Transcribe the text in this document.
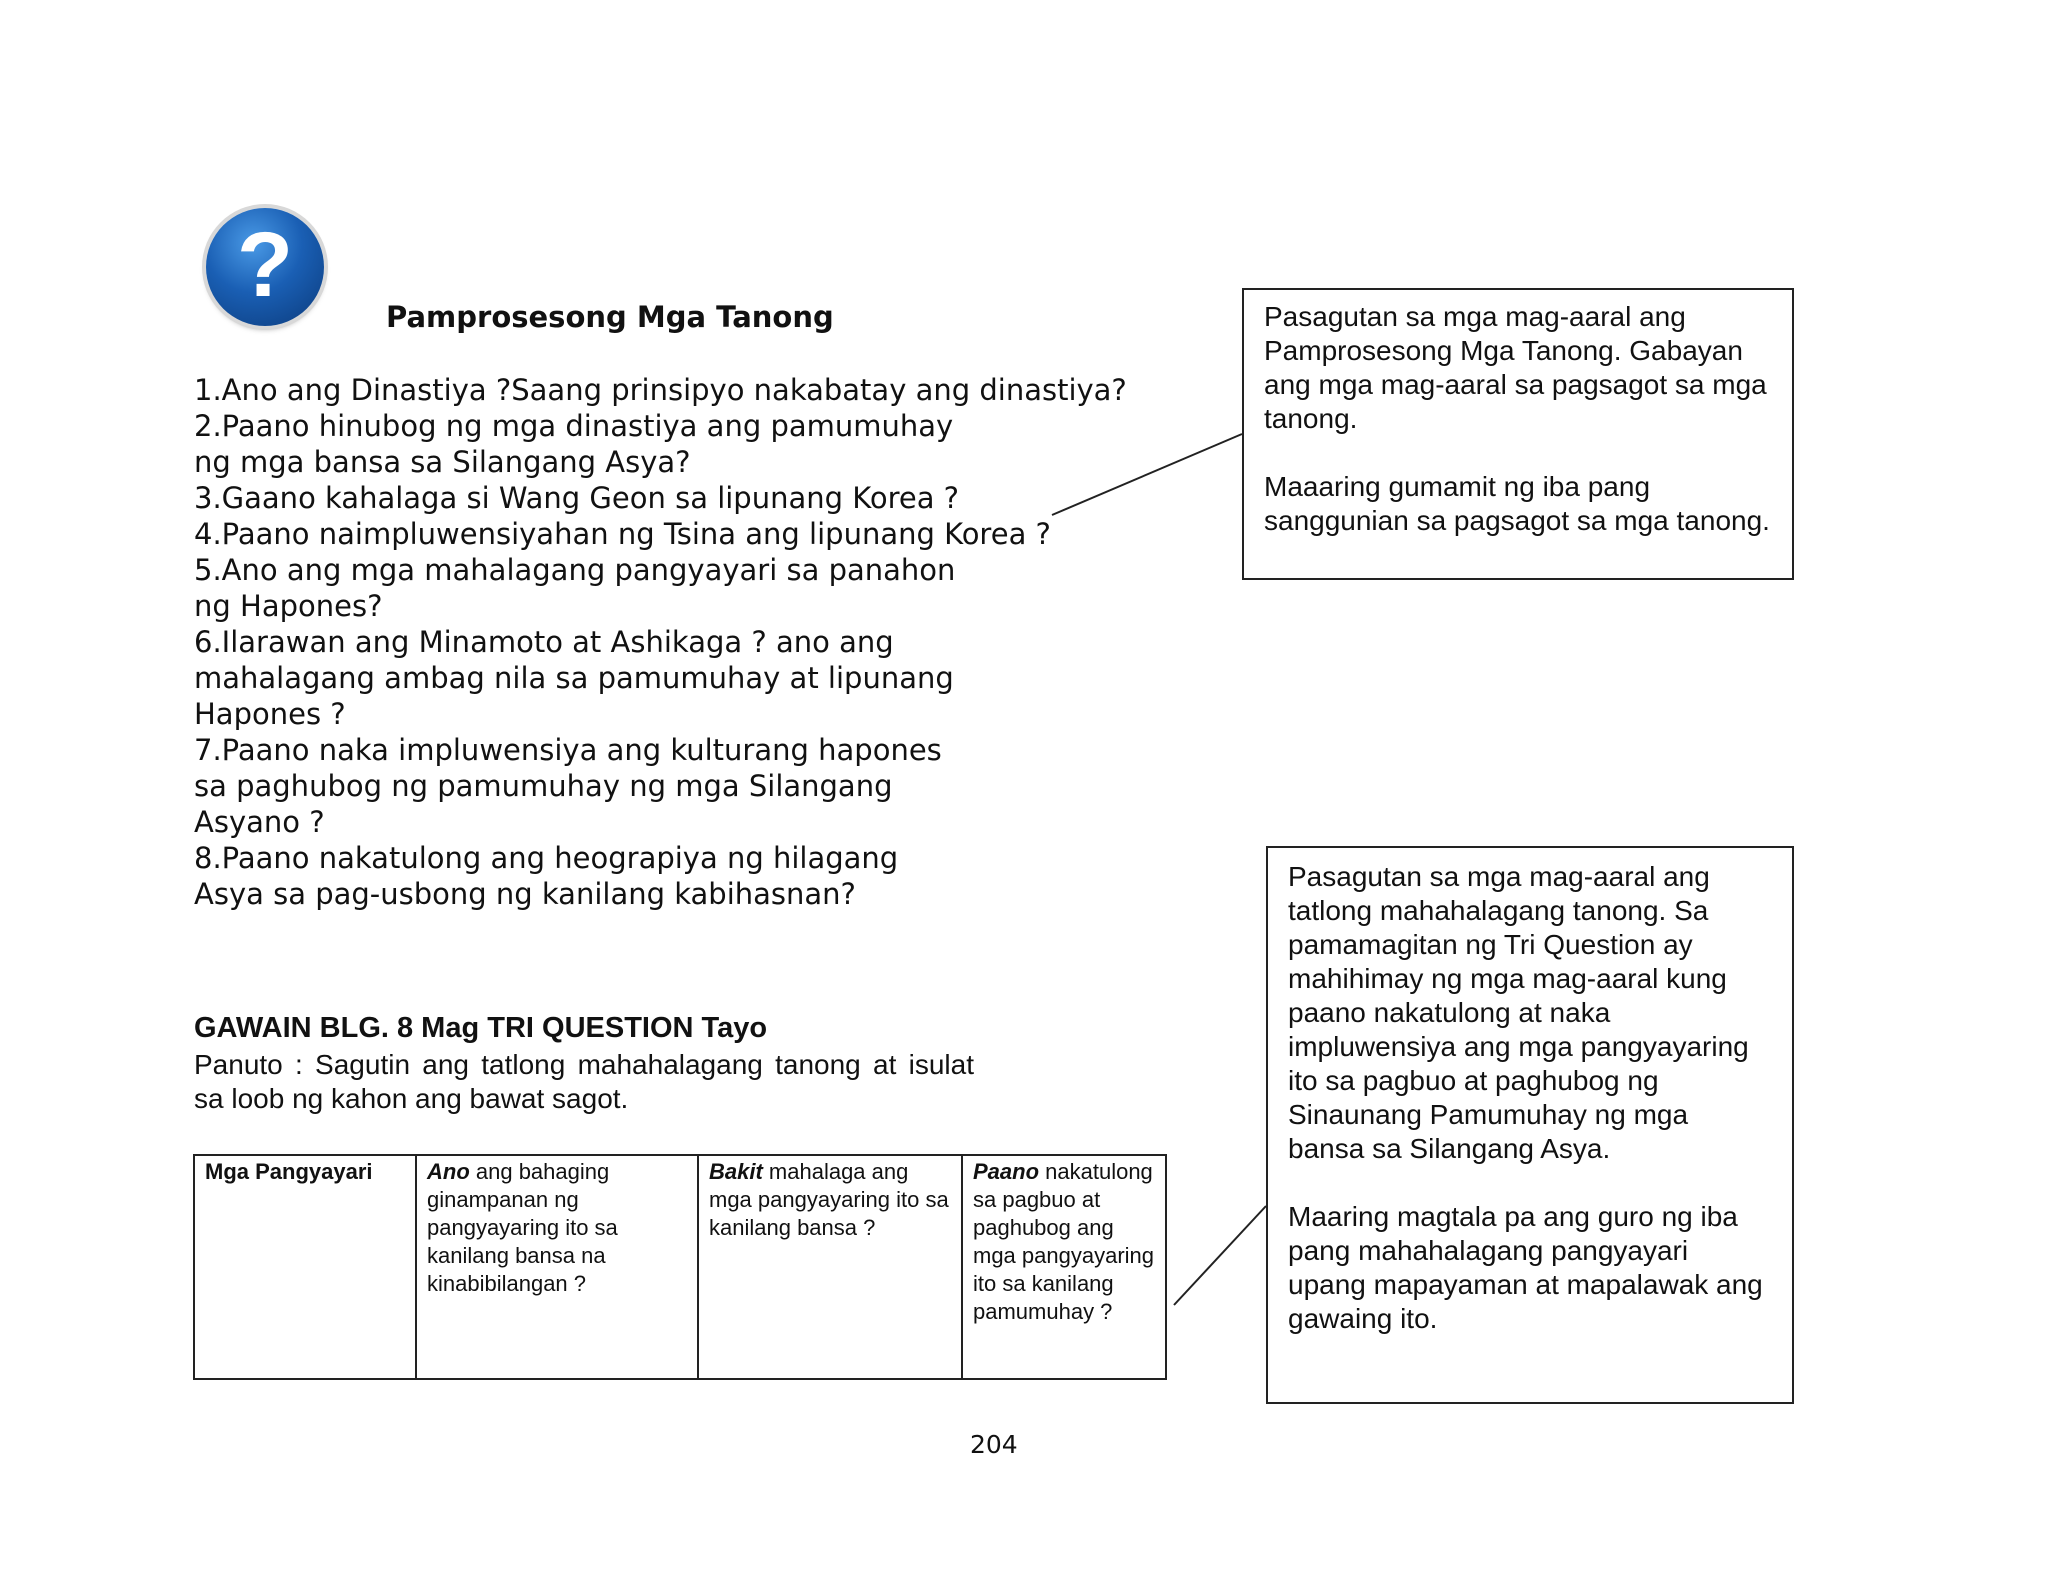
?
Pamprosesong Mga Tanong
1.Ano ang Dinastiya ?Saang prinsipyo nakabatay ang dinastiya?
2.Paano hinubog ng mga dinastiya ang pamumuhay
ng mga bansa sa Silangang Asya?
3.Gaano kahalaga si Wang Geon sa lipunang Korea ?
4.Paano naimpluwensiyahan ng Tsina ang lipunang Korea ?
5.Ano ang mga mahalagang pangyayari sa panahon
ng Hapones?
6.Ilarawan ang Minamoto at Ashikaga ? ano ang
mahalagang ambag nila sa pamumuhay at lipunang
Hapones ?
7.Paano naka impluwensiya ang kulturang hapones
sa paghubog ng pamumuhay ng mga Silangang
Asyano ?
8.Paano nakatulong ang heograpiya ng hilagang
Asya sa pag-usbong ng kanilang kabihasnan?
GAWAIN BLG. 8 Mag TRI QUESTION Tayo
Panuto : Sagutin ang tatlong mahahalagang tanong at isulat sa loob ng kahon ang bawat sagot.
Mga Pangyayari	Ano ang bahaging ginampanan ng pangyayaring ito sa kanilang bansa na kinabibilangan ?	Bakit mahalaga ang mga pangyayaring ito sa kanilang bansa ?	Paano nakatulong sa pagbuo at paghubog ang mga pangyayaring ito sa kanilang pamumuhay ?

Pasagutan sa mga mag-aaral ang Pamprosesong Mga Tanong. Gabayan ang mga mag-aaral sa pagsagot sa mga tanong.

Maaaring gumamit ng iba pang sanggunian sa pagsagot sa mga tanong.

Pasagutan sa mga mag-aaral ang tatlong mahahalagang tanong. Sa pamamagitan ng Tri Question ay mahihimay ng mga mag-aaral kung paano nakatulong at naka impluwensiya ang mga pangyayaring ito sa pagbuo at paghubog ng Sinaunang Pamumuhay ng mga bansa sa Silangang Asya.

Maaring magtala pa ang guro ng iba pang mahahalagang pangyayari upang mapayaman at mapalawak ang gawaing ito.

204
